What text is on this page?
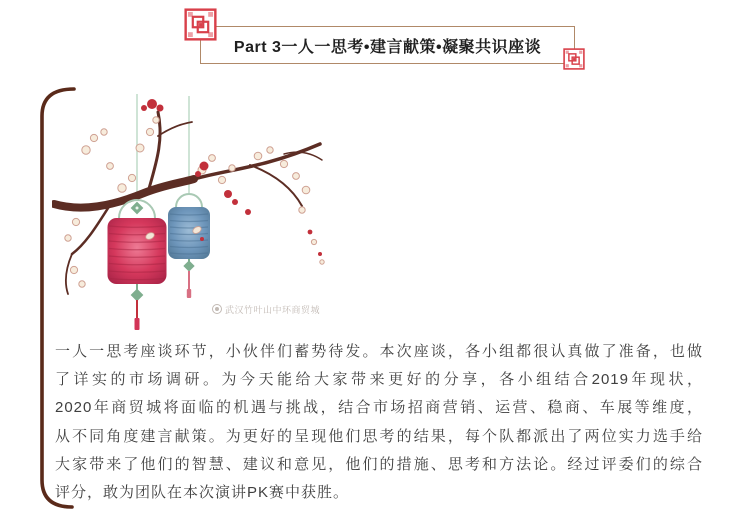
Part 3一人一思考•建言献策•凝聚共识座谈
武汉竹叶山中环商贸城
一人一思考座谈环节，小伙伴们蓄势待发。本次座谈，各小组都很认真做了准备，也做
了详实的市场调研。为今天能给大家带来更好的分享，各小组结合2019年现状，
2020年商贸城将面临的机遇与挑战，结合市场招商营销、运营、稳商、车展等维度，
从不同角度建言献策。为更好的呈现他们思考的结果，每个队都派出了两位实力选手给
大家带来了他们的智慧、建议和意见，他们的措施、思考和方法论。经过评委们的综合
评分，敢为团队在本次演讲PK赛中获胜。
